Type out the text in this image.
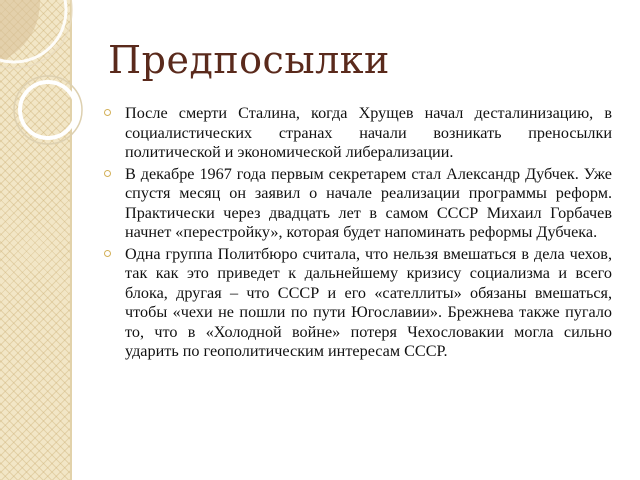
Предпосылки
После смерти Сталина, когда Хрущев начал десталинизацию, в социалистических странах начали возникать преносылки политической и экономической либерализации.
В декабре 1967 года первым секретарем стал Александр Дубчек. Уже спустя месяц он заявил о начале реализации программы реформ. Практически через двадцать лет в самом СССР Михаил Горбачев начнет «перестройку», которая будет напоминать реформы Дубчека.
Одна группа Политбюро считала, что нельзя вмешаться в дела чехов, так как это приведет к дальнейшему кризису социализма и всего блока, другая – что СССР и его «сателлиты» обязаны вмешаться, чтобы «чехи не пошли по пути Югославии». Брежнева также пугало то, что в «Холодной войне» потеря Чехословакии могла сильно ударить по геополитическим интересам СССР.
